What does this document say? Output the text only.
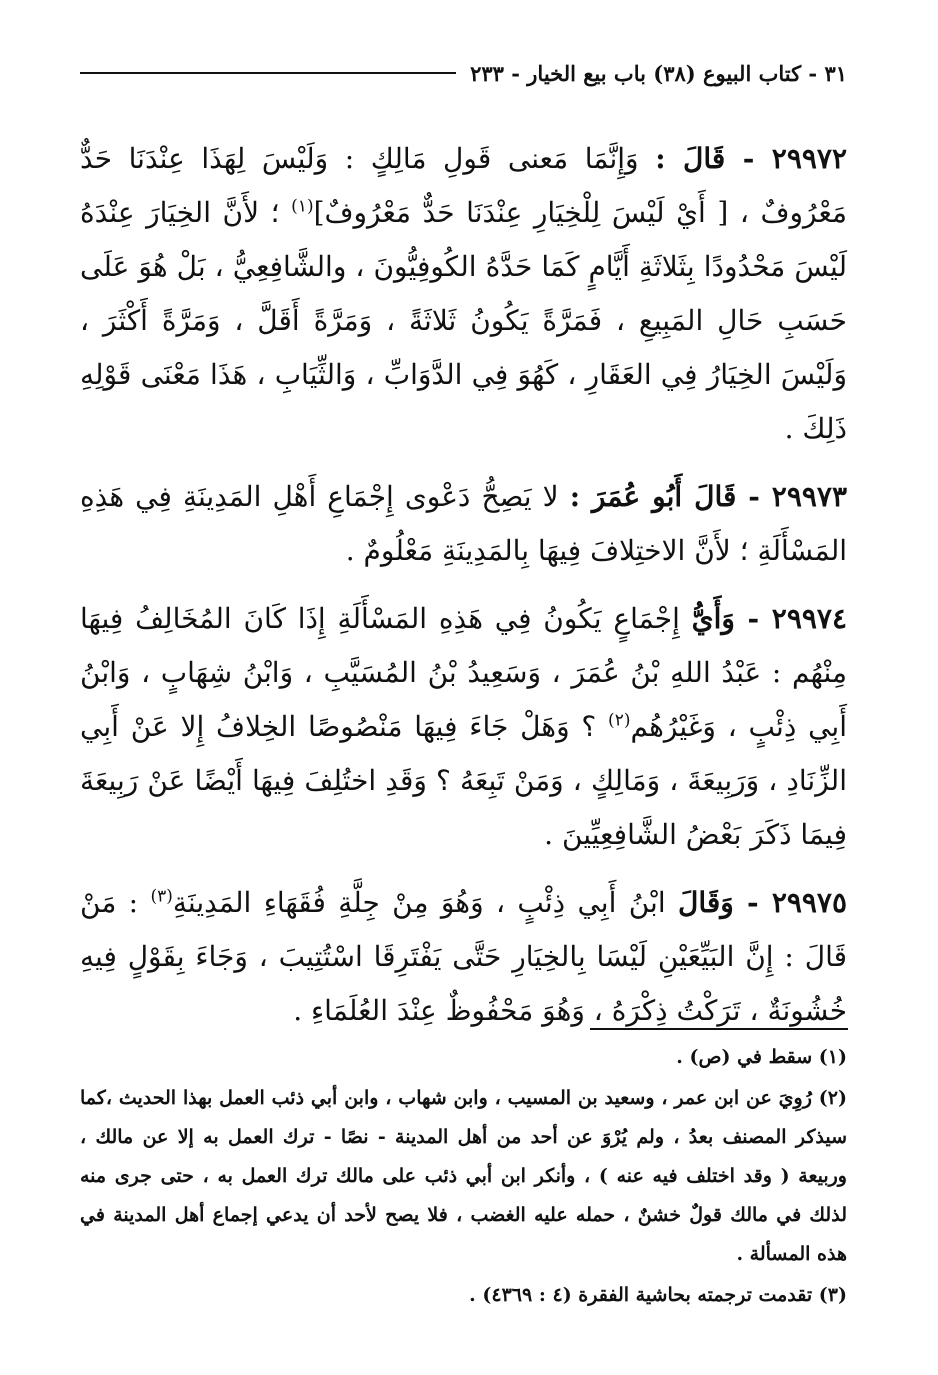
٣١ - كتاب البيوع (٣٨) باب بيع الخيار - ٢٣٣

٢٩٩٧٢ - قَالَ : وَإِنَّمَا مَعنى قَولِ مَالِكٍ : وَلَيْسَ لِهَذَا عِنْدَنَا حَدٌّ مَعْرُوفٌ ، [ أَيْ لَيْسَ لِلْخِيَارِ عِنْدَنَا حَدٌّ مَعْرُوفٌ]$^{(١)}$ ؛ لأَنَّ الخِيَارَ عِنْدَهُ لَيْسَ مَحْدُودًا بِثَلاثَةِ أَيَّامٍ كَمَا حَدَّهُ الكُوفِيُّونَ ، والشَّافِعِيُّ ، بَلْ هُوَ عَلَى حَسَبِ حَالِ المَبِيعِ ، فَمَرَّةً يَكُونُ ثَلاثَةً ، وَمَرَّةً أَقَلَّ ، وَمَرَّةً أَكْثَرَ ، وَلَيْسَ الخِيَارُ فِي العَقَارِ ، كَهُوَ فِي الدَّوَابِّ ، وَالثِّيَابِ ، هَذَا مَعْنَى قَوْلِهِ ذَلِكَ .

٢٩٩٧٣ - قَالَ أَبُو عُمَرَ : لا يَصِحُّ دَعْوى إِجْمَاعِ أَهْلِ المَدِينَةِ فِي هَذِهِ المَسْأَلَةِ ؛ لأَنَّ الاختِلافَ فِيهَا بِالمَدِينَةِ مَعْلُومٌ .

٢٩٩٧٤ - وَأَيُّ إِجْمَاعٍ يَكُونُ فِي هَذِهِ المَسْأَلَةِ إِذَا كَانَ المُخَالِفُ فِيهَا مِنْهُم : عَبْدُ اللهِ بْنُ عُمَرَ ، وَسَعِيدُ بْنُ المُسَيَّبِ ، وَابْنُ شِهَابٍ ، وَابْنُ أَبِي ذِئْبٍ ، وَغَيْرُهُم$^{(٢)}$ ؟ وَهَلْ جَاءَ فِيهَا مَنْصُوصًا الخِلافُ إِلا عَنْ أَبِي الزِّنَادِ ، وَرَبِيعَةَ ، وَمَالِكٍ ، وَمَنْ تَبِعَهُ ؟ وَقَدِ اختُلِفَ فِيهَا أَيْضًا عَنْ رَبِيعَةَ فِيمَا ذَكَرَ بَعْضُ الشَّافِعِيِّينَ .

٢٩٩٧٥ - وَقَالَ ابْنُ أَبِي ذِئْبٍ ، وَهُوَ مِنْ جِلَّةِ فُقَهَاءِ المَدِينَةِ$^{(٣)}$ : مَنْ قَالَ : إِنَّ البَيِّعَيْنِ لَيْسَا بِالخِيَارِ حَتَّى يَفْتَرِقَا اسْتُتِيبَ ، وَجَاءَ بِقَوْلٍ فِيهِ خُشُونَةٌ ، تَرَكْتُ ذِكْرَهُ ، وَهُوَ مَحْفُوظٌ عِنْدَ العُلَمَاءِ .

(١) سقط في (ص) .

(٢) رُوِيَ عن ابن عمر ، وسعيد بن المسيب ، وابن شهاب ، وابن أبي ذئب العمل بهذا الحديث ،كما سيذكر المصنف بعدُ ، ولم يُرْوَ عن أحد من أهل المدينة - نصًا - ترك العمل به إلا عن مالك ، وربيعة ( وقد اختلف فيه عنه ) ، وأنكر ابن أبي ذئب على مالك ترك العمل به ، حتى جرى منه لذلك في مالك قولٌ خشنٌ ، حمله عليه الغضب ، فلا يصح لأحد أن يدعي إجماع أهل المدينة في هذه المسألة .

(٣) تقدمت ترجمته بحاشية الفقرة (٤ : ٤٣٦٩) .
